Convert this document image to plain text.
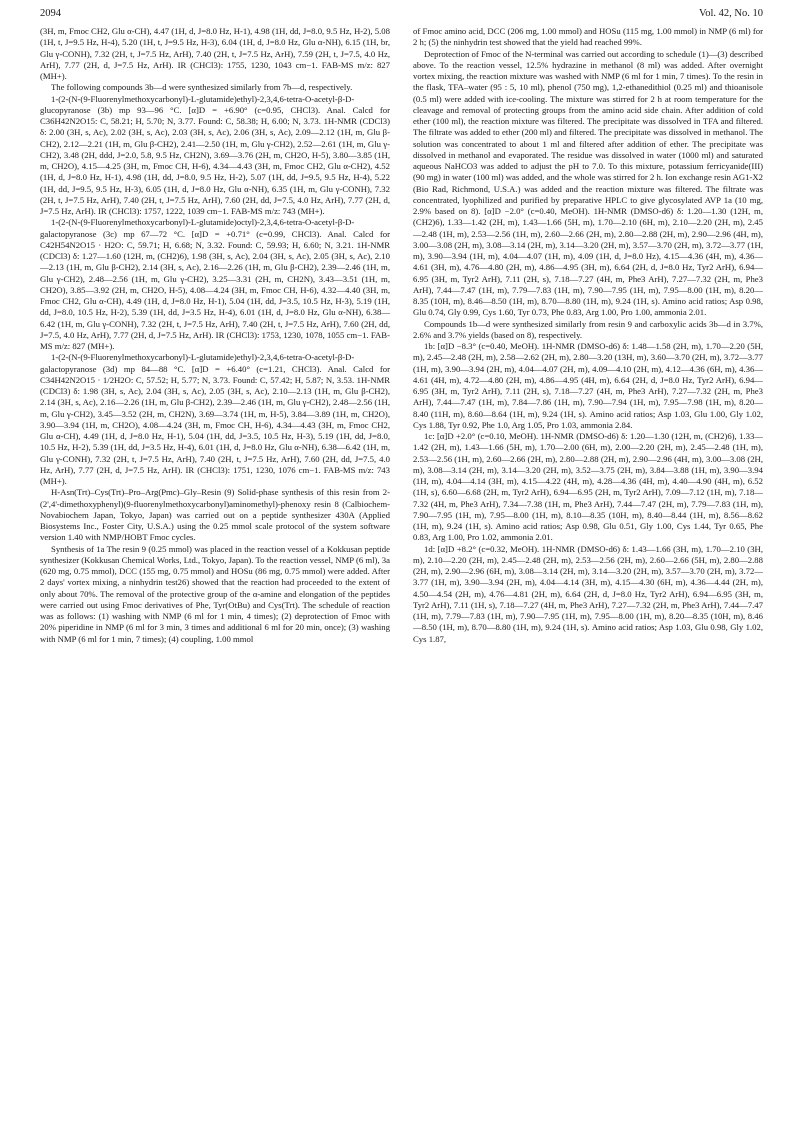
2094	Vol. 42, No. 10

(3H, m, Fmoc CH2, Glu α-CH), 4.47 (1H, d, J=8.0 Hz, H-1), 4.98 (1H, dd, J=8.0, 9.5 Hz, H-2), 5.08 (1H, t, J=9.5 Hz, H-4), 5.20 (1H, t, J=9.5 Hz, H-3), 6.04 (1H, d, J=8.0 Hz, Glu α-NH), 6.15 (1H, br, Glu γ-CONH), 7.32 (2H, t, J=7.5 Hz, ArH), 7.40 (2H, t, J=7.5 Hz, ArH), 7.59 (2H, t, J=7.5, 4.0 Hz, ArH), 7.77 (2H, d, J=7.5 Hz, ArH). IR (CHCl3): 1755, 1230, 1043 cm−1. FAB-MS m/z: 827 (MH+).

The following compounds 3b—d were synthesized similarly from 7b—d, respectively.

1-(2-(N-(9-Fluorenylmethoxycarbonyl)-L-glutamide)ethyl)-2,3,4,6-tetra-O-acetyl-β-D-glucopyranose (3b) mp 93—96 °C. [α]D = +6.90° (c=0.95, CHCl3). Anal. Calcd for C36H42N2O15: C, 58.21; H, 5.70; N, 3.77. Found: C, 58.38; H, 6.00; N, 3.73. 1H-NMR (CDCl3) δ: 2.00 (3H, s, Ac), 2.02 (3H, s, Ac), 2.03 (3H, s, Ac), 2.06 (3H, s, Ac), 2.09—2.12 (1H, m, Glu β-CH2), 2.12—2.21 (1H, m, Glu β-CH2), 2.41—2.50 (1H, m, Glu γ-CH2), 2.52—2.61 (1H, m, Glu γ-CH2), 3.48 (2H, ddd, J=2.0, 5.8, 9.5 Hz, CH2N), 3.69—3.76 (2H, m, CH2O, H-5), 3.80—3.85 (1H, m, CH2O), 4.15—4.25 (3H, m, Fmoc CH, H-6), 4.34—4.43 (3H, m, Fmoc CH2, Glu α-CH2), 4.52 (1H, d, J=8.0 Hz, H-1), 4.98 (1H, dd, J=8.0, 9.5 Hz, H-2), 5.07 (1H, dd, J=9.5, 9.5 Hz, H-4), 5.22 (1H, dd, J=9.5, 9.5 Hz, H-3), 6.05 (1H, d, J=8.0 Hz, Glu α-NH), 6.35 (1H, m, Glu γ-CONH), 7.32 (2H, t, J=7.5 Hz, ArH), 7.40 (2H, t, J=7.5 Hz, ArH), 7.60 (2H, dd, J=7.5, 4.0 Hz, ArH), 7.77 (2H, d, J=7.5 Hz, ArH). IR (CHCl3): 1757, 1222, 1039 cm−1. FAB-MS m/z: 743 (MH+).

1-(2-(N-(9-Fluorenylmethoxycarbonyl)-L-glutamide)octyl)-2,3,4,6-tetra-O-acetyl-β-D-galactopyranose (3c) mp 67—72 °C. [α]D = +0.71° (c=0.99, CHCl3). Anal. Calcd for C42H54N2O15 · H2O: C, 59.71; H, 6.68; N, 3.32. Found: C, 59.93; H, 6.60; N, 3.21. 1H-NMR (CDCl3) δ: 1.27—1.60 (12H, m, (CH2)6), 1.98 (3H, s, Ac), 2.04 (3H, s, Ac), 2.05 (3H, s, Ac), 2.10—2.13 (1H, m, Glu β-CH2), 2.14 (3H, s, Ac), 2.16—2.26 (1H, m, Glu β-CH2), 2.39—2.46 (1H, m, Glu γ-CH2), 2.48—2.56 (1H, m, Glu γ-CH2), 3.25—3.31 (2H, m, CH2N), 3.43—3.51 (1H, m, CH2O), 3.85—3.92 (2H, m, CH2O, H-5), 4.08—4.24 (3H, m, Fmoc CH, H-6), 4.32—4.40 (3H, m, Fmoc CH2, Glu α-CH), 4.49 (1H, d, J=8.0 Hz, H-1), 5.04 (1H, dd, J=3.5, 10.5 Hz, H-3), 5.19 (1H, dd, J=8.0, 10.5 Hz, H-2), 5.39 (1H, dd, J=3.5 Hz, H-4), 6.01 (1H, d, J=8.0 Hz, Glu α-NH), 6.38—6.42 (1H, m, Glu γ-CONH), 7.32 (2H, t, J=7.5 Hz, ArH), 7.40 (2H, t, J=7.5 Hz, ArH), 7.60 (2H, dd, J=7.5, 4.0 Hz, ArH), 7.77 (2H, d, J=7.5 Hz, ArH). IR (CHCl3): 1753, 1230, 1078, 1055 cm−1. FAB-MS m/z: 827 (MH+).

1-(2-(N-(9-Fluorenylmethoxycarbonyl)-L-glutamide)ethyl)-2,3,4,6-tetra-O-acetyl-β-D-galactopyranose (3d) mp 84—88 °C. [α]D = +6.40° (c=1.21, CHCl3). Anal. Calcd for C34H42N2O15 · 1/2H2O: C, 57.52; H, 5.77; N, 3.73. Found: C, 57.42; H, 5.87; N, 3.53. 1H-NMR (CDCl3) δ: 1.98 (3H, s, Ac), 2.04 (3H, s, Ac), 2.05 (3H, s, Ac), 2.10—2.13 (1H, m, Glu β-CH2), 2.14 (3H, s, Ac), 2.16—2.26 (1H, m, Glu β-CH2), 2.39—2.46 (1H, m, Glu γ-CH2), 2.48—2.56 (1H, m, Glu γ-CH2), 3.45—3.52 (2H, m, CH2N), 3.69—3.74 (1H, m, H-5), 3.84—3.89 (1H, m, CH2O), 3.90—3.94 (1H, m, CH2O), 4.08—4.24 (3H, m, Fmoc CH, H-6), 4.34—4.43 (3H, m, Fmoc CH2, Glu α-CH), 4.49 (1H, d, J=8.0 Hz, H-1), 5.04 (1H, dd, J=3.5, 10.5 Hz, H-3), 5.19 (1H, dd, J=8.0, 10.5 Hz, H-2), 5.39 (1H, dd, J=3.5 Hz, H-4), 6.01 (1H, d, J=8.0 Hz, Glu α-NH), 6.38—6.42 (1H, m, Glu γ-CONH), 7.32 (2H, t, J=7.5 Hz, ArH), 7.40 (2H, t, J=7.5 Hz, ArH), 7.60 (2H, dd, J=7.5, 4.0 Hz, ArH), 7.77 (2H, d, J=7.5 Hz, ArH). IR (CHCl3): 1751, 1230, 1076 cm−1. FAB-MS m/z: 743 (MH+).

H-Asn(Trt)–Cys(Trt)–Pro–Arg(Pmc)–Gly–Resin (9) Solid-phase synthesis of this resin from 2-(2',4'-dimethoxyphenyl)(9-fluorenylmethoxycarbonyl)aminomethyl)-phenoxy resin 8 (Calbiochem-Novabiochem Japan, Tokyo, Japan) was carried out on a peptide synthesizer 430A (Applied Biosystems Inc., Foster City, U.S.A.) using the 0.25 mmol scale protocol of the system software version 1.40 with NMP/HOBT Fmoc cycles.

Synthesis of 1a The resin 9 (0.25 mmol) was placed in the reaction vessel of a Kokkusan peptide synthesizer (Kokkusan Chemical Works, Ltd., Tokyo, Japan). To the reaction vessel, NMP (6 ml), 3a (620 mg, 0.75 mmol), DCC (155 mg, 0.75 mmol) and HOSu (86 mg, 0.75 mmol) were added. After 2 days' vortex mixing, a ninhydrin test26) showed that the reaction had proceeded to the extent of only about 70%. The removal of the protective group of the α-amine and elongation of the peptides were carried out using Fmoc derivatives of Phe, Tyr(OtBu) and Cys(Trt). The schedule of reaction was as follows: (1) washing with NMP (6 ml for 1 min, 4 times); (2) deprotection of Fmoc with 20% piperidine in NMP (6 ml for 3 min, 3 times and additional 6 ml for 20 min, once); (3) washing with NMP (6 ml for 1 min, 7 times); (4) coupling, 1.00 mmol

of Fmoc amino acid, DCC (206 mg, 1.00 mmol) and HOSu (115 mg, 1.00 mmol) in NMP (6 ml) for 2 h; (5) the ninhydrin test showed that the yield had reached 99%.

Deprotection of Fmoc of the N-terminal was carried out according to schedule (1)—(3) described above. To the reaction vessel, 12.5% hydrazine in methanol (8 ml) was added. After overnight vortex mixing, the reaction mixture was washed with NMP (6 ml for 1 min, 7 times). To the resin in the flask, TFA–water (95 : 5, 10 ml), phenol (750 mg), 1,2-ethanedithiol (0.25 ml) and thioanisole (0.5 ml) were added with ice-cooling. The mixture was stirred for 2 h at room temperature for the cleavage and removal of protecting groups from the amino acid side chain. After addition of cold ether (100 ml), the reaction mixture was filtered. The precipitate was dissolved in TFA and filtered. The filtrate was added to ether (200 ml) and filtered. The precipitate was dissolved in methanol. The solution was concentrated to about 1 ml and filtered after addition of ether. The precipitate was dissolved in methanol and evaporated. The residue was dissolved in water (1000 ml) and saturated aqueous NaHCO3 was added to adjust the pH to 7.0. To this mixture, potassium ferricyanide(III) (90 mg) in water (100 ml) was added, and the whole was stirred for 2 h. Ion exchange resin AG1-X2 (Bio Rad, Richmond, U.S.A.) was added and the reaction mixture was filtered. The filtrate was concentrated, lyophilized and purified by preparative HPLC to give glycosylated AVP 1a (10 mg, 2.9% based on 8). [α]D −2.0° (c=0.40, MeOH). 1H-NMR (DMSO-d6) δ: 1.20—1.30 (12H, m, (CH2)6), 1.33—1.42 (2H, m), 1.43—1.66 (5H, m), 1.70—2.10 (6H, m), 2.10—2.20 (2H, m), 2.45—2.48 (1H, m), 2.53—2.56 (1H, m), 2.60—2.66 (2H, m), 2.80—2.88 (2H, m), 2.90—2.96 (4H, m), 3.00—3.08 (2H, m), 3.08—3.14 (2H, m), 3.14—3.20 (2H, m), 3.57—3.70 (2H, m), 3.72—3.77 (1H, m), 3.90—3.94 (1H, m), 4.04—4.07 (1H, m), 4.09 (1H, d, J=8.0 Hz), 4.15—4.36 (4H, m), 4.36—4.61 (3H, m), 4.76—4.80 (2H, m), 4.86—4.95 (3H, m), 6.64 (2H, d, J=8.0 Hz, Tyr2 ArH), 6.94—6.95 (3H, m, Tyr2 ArH), 7.11 (2H, s), 7.18—7.27 (4H, m, Phe3 ArH), 7.27—7.32 (2H, m, Phe3 ArH), 7.44—7.47 (1H, m), 7.79—7.83 (1H, m), 7.90—7.95 (1H, m), 7.95—8.00 (1H, m), 8.20—8.35 (10H, m), 8.46—8.50 (1H, m), 8.70—8.80 (1H, m), 9.24 (1H, s). Amino acid ratios; Asp 0.98, Glu 0.74, Gly 0.99, Cys 1.60, Tyr 0.73, Phe 0.83, Arg 1.00, Pro 1.00, ammonia 2.01.

Compounds 1b—d were synthesized similarly from resin 9 and carboxylic acids 3b—d in 3.7%, 2.6% and 3.7% yields (based on 8), respectively.

1b: [α]D −8.3° (c=0.40, MeOH). 1H-NMR (DMSO-d6) δ: 1.48—1.58 (2H, m), 1.70—2.20 (5H, m), 2.45—2.48 (2H, m), 2.58—2.62 (2H, m), 2.80—3.20 (13H, m), 3.60—3.70 (2H, m), 3.72—3.77 (1H, m), 3.90—3.94 (2H, m), 4.04—4.07 (2H, m), 4.09—4.10 (2H, m), 4.12—4.36 (6H, m), 4.36—4.61 (4H, m), 4.72—4.80 (2H, m), 4.86—4.95 (4H, m), 6.64 (2H, d, J=8.0 Hz, Tyr2 ArH), 6.94—6.95 (3H, m, Tyr2 ArH), 7.11 (2H, s), 7.18—7.27 (4H, m, Phe3 ArH), 7.27—7.32 (2H, m, Phe3 ArH), 7.44—7.47 (1H, m), 7.84—7.86 (1H, m), 7.90—7.94 (1H, m), 7.95—7.98 (1H, m), 8.20—8.40 (11H, m), 8.60—8.64 (1H, m), 9.24 (1H, s). Amino acid ratios; Asp 1.03, Glu 1.00, Gly 1.02, Cys 1.88, Tyr 0.92, Phe 1.0, Arg 1.05, Pro 1.03, ammonia 2.84.

1c: [α]D +2.0° (c=0.10, MeOH). 1H-NMR (DMSO-d6) δ: 1.20—1.30 (12H, m, (CH2)6), 1.33—1.42 (2H, m), 1.43—1.66 (5H, m), 1.70—2.00 (6H, m), 2.00—2.20 (2H, m), 2.45—2.48 (1H, m), 2.53—2.56 (1H, m), 2.60—2.66 (2H, m), 2.80—2.88 (2H, m), 2.90—2.96 (4H, m), 3.00—3.08 (2H, m), 3.08—3.14 (2H, m), 3.14—3.20 (2H, m), 3.52—3.75 (2H, m), 3.84—3.88 (1H, m), 3.90—3.94 (1H, m), 4.04—4.14 (3H, m), 4.15—4.22 (4H, m), 4.28—4.36 (4H, m), 4.40—4.90 (4H, m), 6.52 (1H, s), 6.60—6.68 (2H, m, Tyr2 ArH), 6.94—6.95 (2H, m, Tyr2 ArH), 7.09—7.12 (1H, m), 7.18—7.32 (4H, m, Phe3 ArH), 7.34—7.38 (1H, m, Phe3 ArH), 7.44—7.47 (2H, m), 7.79—7.83 (1H, m), 7.90—7.95 (1H, m), 7.95—8.00 (1H, m), 8.10—8.35 (10H, m), 8.40—8.44 (1H, m), 8.56—8.62 (1H, m), 9.24 (1H, s). Amino acid ratios; Asp 0.98, Glu 0.51, Gly 1.00, Cys 1.44, Tyr 0.65, Phe 0.83, Arg 1.00, Pro 1.02, ammonia 2.01.

1d: [α]D +8.2° (c=0.32, MeOH). 1H-NMR (DMSO-d6) δ: 1.43—1.66 (3H, m), 1.70—2.10 (3H, m), 2.10—2.20 (2H, m), 2.45—2.48 (2H, m), 2.53—2.56 (2H, m), 2.60—2.66 (5H, m), 2.80—2.88 (2H, m), 2.90—2.96 (6H, m), 3.08—3.14 (2H, m), 3.14—3.20 (2H, m), 3.57—3.70 (2H, m), 3.72—3.77 (1H, m), 3.90—3.94 (2H, m), 4.04—4.14 (3H, m), 4.15—4.30 (6H, m), 4.36—4.44 (2H, m), 4.50—4.54 (2H, m), 4.76—4.81 (2H, m), 6.64 (2H, d, J=8.0 Hz, Tyr2 ArH), 6.94—6.95 (3H, m, Tyr2 ArH), 7.11 (1H, s), 7.18—7.27 (4H, m, Phe3 ArH), 7.27—7.32 (2H, m, Phe3 ArH), 7.44—7.47 (1H, m), 7.79—7.83 (1H, m), 7.90—7.95 (1H, m), 7.95—8.00 (1H, m), 8.20—8.35 (10H, m), 8.46—8.50 (1H, m), 8.70—8.80 (1H, m), 9.24 (1H, s). Amino acid ratios; Asp 1.03, Glu 0.98, Gly 1.02, Cys 1.87,
